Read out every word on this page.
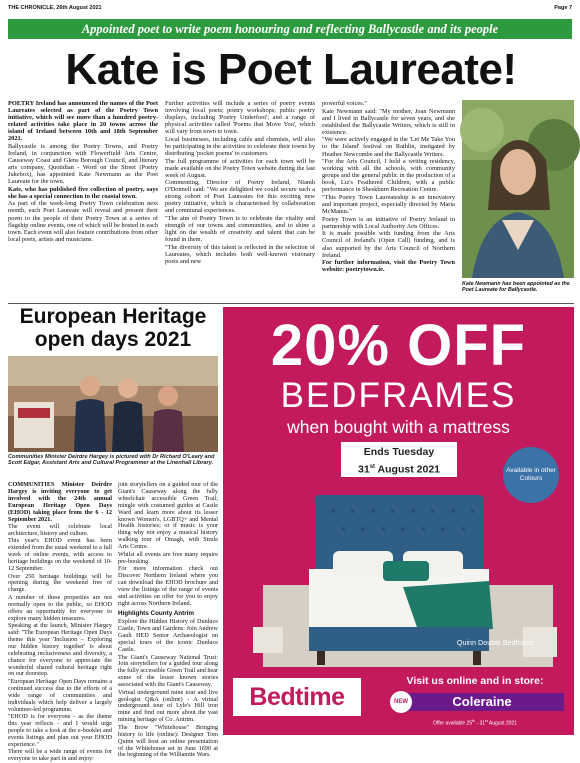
THE CHRONICLE, 26th August 2021	Page 7
Appointed poet to write poem honouring and reflecting Ballycastle and its people
Kate is Poet Laureate!

POETRY Ireland has announced the names of the Poet Laureates selected as part of the Poetry Town initiative, which will see more than a hundred poetry-related activities take place in 20 towns across the island of Ireland between 10th and 18th September 2021.

Ballycastle is among the Poetry Towns, and Poetry Ireland, in conjunction with Flowerfield Arts Centre, Causeway Coast and Glens Borough Council, and literary arts company, Quotidian - Word on the Street (Poetry Jukebox), has appointed Kate Newmann as the Poet Laureate for the town.

Kate, who has published five collection of poetry, says she has a special connection to the coastal town.

As part of the week-long Poetry Town celebration next month, each Poet Laureate will reveal and present their poem to the people of their Poetry Town at a series of flagship online events, one of which will be hosted in each town. Each event will also feature contributions from other local poets, artists and musicians.

Further activities will include a series of poetry events involving local poets; poetry workshops; public poetry displays, including 'Poetry Underfoot'; and a range of physical activities called 'Poems that Move You', which will vary from town to town.

Local businesses, including cafés and chemists, will also be participating in the activities to celebrate their towns by distributing 'pocket poems' to customers.

The full programme of activities for each town will be made available on the Poetry Town website during the last week of August.

Commenting, Director of Poetry Ireland, Niamh O'Donnell said: "We are delighted we could secure such a strong cohort of Poet Laureates for this exciting new poetry initiative, which is characterised by collaboration and communal experiences.

"The aim of Poetry Town is to celebrate the vitality and strength of our towns and communities, and to shine a light on the wealth of creativity and talent that can be found in them.

"The diversity of this talent is reflected in the selection of Laureates, which includes both well-known visionary poets and new

powerful voices."

Kate Newmann said: "My mother, Joan Newmann and I lived in Ballycastle for seven years, and she established the Ballycastle Writers, which is still in existence.

"We were actively engaged in the 'Let Me Take You to the Island' festival on Rathlin, instigated by Heather Newcombe and the Ballycastle Writers.

"For the Arts Council, I held a writing residency, working with all the schools, with community groups and the general public in the production of a book, Liz's Feathered Children, with a public performance in Sheskburn Recreation Centre.

"This Poetry Town Laureateship is an innovatory and important project, especially directed by Maria McManus."

Poetry Town is an initiative of Poetry Ireland in partnership with Local Authority Arts Offices.

It is made possible with funding from the Arts Council of Ireland's (Open Call) funding, and is also supported by the Arts Council of Northern Ireland.

For further information, visit the Poetry Town website: poetrytown.ie.

Kate Newmann has been appointed as the Poet Laureate for Ballycastle.
European Heritage open days 2021
Communities Minister Deirdre Hargey is pictured with Dr Richard O'Leary and Scott Edgar, Assistant Arts and Cultural Programmer at the Linenhall Library.

COMMUNITIES Minister Deirdre Hargey is inviting everyone to get involved with the 24th annual European Heritage Open Days (EHOD) taking place from the 6 - 12 September 2021.

The event will celebrate local architecture, history and culture.

This year's EHOD event has been extended from the usual weekend to a full week of online events, with access to heritage buildings on the weekend of 10-12 September.

Over 250 heritage buildings will be opening during the weekend free of charge.

A number of these properties are not normally open to the public, so EHOD offers an opportunity for everyone to explore many hidden treasures.

Speaking at the launch, Minister Hargey said: "The European Heritage Open Days theme this year 'Inclusion – Exploring our hidden history together' is about celebrating inclusiveness and diversity, a chance for everyone to appreciate the wonderful shared cultural heritage right on our doorstep.

"European Heritage Open Days remains a continued success due to the efforts of a wide range of communities and individuals which help deliver a largely volunteer-led programme.

"EHOD is for everyone - as the theme this year reflects - and I would urge people to take a look at the e-booklet and events listings and plan out your EHOD experience."

There will be a wide range of events for everyone to take part in and enjoy:

join storytellers on a guided tour of the Giant's Causeway along the fully wheelchair accessible Green Trail; mingle with costumed guides at Castle Ward and learn more about its lesser known Women's, LGBTQ+ and Mental Health histories; or if music is your thing why not enjoy a musical history walking tour of Omagh, with Strule Arts Centre.

Whilst all events are free many require pre-booking.

For more information check out Discover Northern Ireland where you can download the EHOD brochure and view the listings of the range of events and activities on offer for you to enjoy right across Northern Ireland.

Highlights County Antrim

Explore the Hidden History of Dunluce Castle, Town and Gardens: Join Andrew Gault HED Senior Archaeologist on special tours of the iconic Dunluce Castle.

The Giant's Causeway National Trust: Join storytellers for a guided tour along the fully accessible Green Trail and hear some of the lesser known stories associated with the Giant's Causeway.

Virtual underground mine tour and live geologist Q&A (online) - A virtual underground tour of Lyle's Hill iron mine and find out more about the vast mining heritage of Co. Antrim.

The Brow "Whitehouse" Bringing history to life (online): Designer Tom Quinn will host an online presentation of the Whitehouse set in June 1690 at the beginning of the Williamite Wars.

20% OFF
BEDFRAMES
when bought with a mattress
Ends Tuesday
31st August 2021	Available in other Colours
Quinn Double Bedframe
Bedtime
Visit us online and in store:
NEW	Coleraine
Offer available 25th - 31st August 2021
